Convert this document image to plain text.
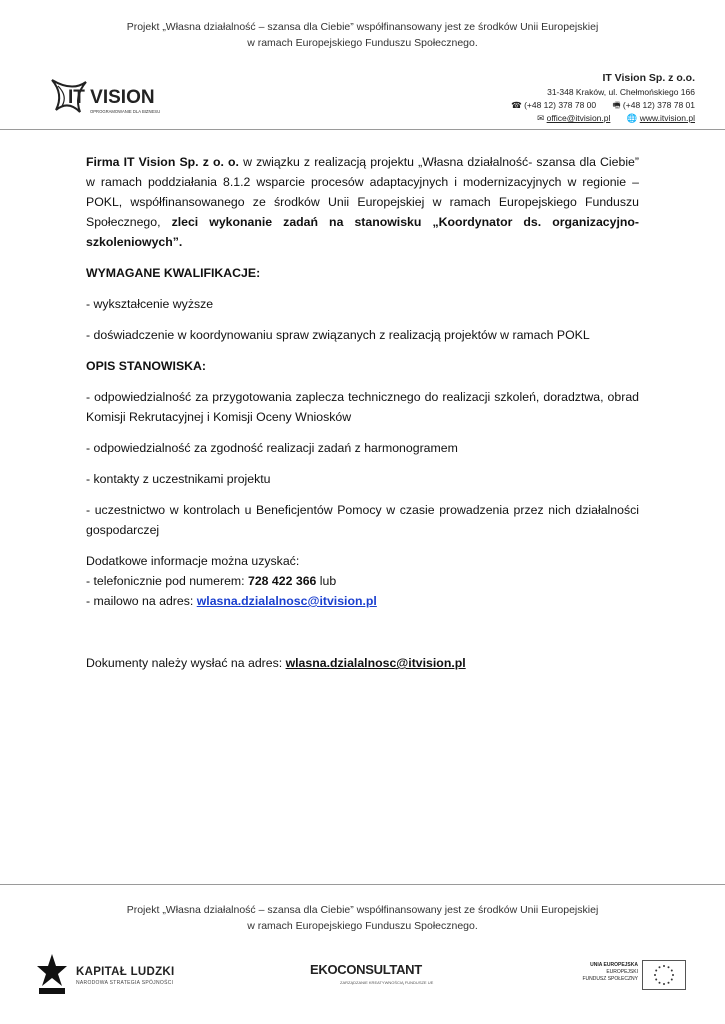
Projekt „Własna działalność – szansa dla Ciebie” współfinansowany jest ze środków Unii Europejskiej
w ramach Europejskiego Funduszu Społecznego.
IT VISION
OPROGRAMOWANIE DLA BIZNESU
IT Vision Sp. z o.o.
31-348 Kraków, ul. Chełmońskiego 166
☎ (+48 12) 378 78 00 🖷 (+48 12) 378 78 01
✉ office@itvision.pl 🌐 www.itvision.pl

Firma IT Vision Sp. z o. o. w związku z realizacją projektu „Własna działalność- szansa dla Ciebie” w ramach poddziałania 8.1.2 wsparcie procesów adaptacyjnych i modernizacyjnych w regionie – POKL, współfinansowanego ze środków Unii Europejskiej w ramach Europejskiego Funduszu Społecznego, zleci wykonanie zadań na stanowisku „Koordynator ds. organizacyjno- szkoleniowych”.

WYMAGANE KWALIFIKACJE:

- wykształcenie wyższe

- doświadczenie w koordynowaniu spraw związanych z realizacją projektów w ramach POKL

OPIS STANOWISKA:

- odpowiedzialność za przygotowania zaplecza technicznego do realizacji szkoleń, doradztwa, obrad Komisji Rekrutacyjnej i Komisji Oceny Wniosków

- odpowiedzialność za zgodność realizacji zadań z harmonogramem

- kontakty z uczestnikami projektu

- uczestnictwo w kontrolach u Beneficjentów Pomocy w czasie prowadzenia przez nich działalności gospodarczej

Dodatkowe informacje można uzyskać:
- telefonicznie pod numerem: 728 422 366 lub
- mailowo na adres: wlasna.dzialalnosc@itvision.pl
Dokumenty należy wysłać na adres: wlasna.dzialalnosc@itvision.pl
Projekt „Własna działalność – szansa dla Ciebie” współfinansowany jest ze środków Unii Europejskiej
w ramach Europejskiego Funduszu Społecznego.
KAPITAŁ LUDZKI
NARODOWA STRATEGIA SPÓJNOŚCI
EKOCONSULTANT
ZARZĄDZANIE KREATYWNOŚCIĄ FUNDUSZE UE
UNIA EUROPEJSKA
EUROPEJSKI
FUNDUSZ SPOŁECZNY
